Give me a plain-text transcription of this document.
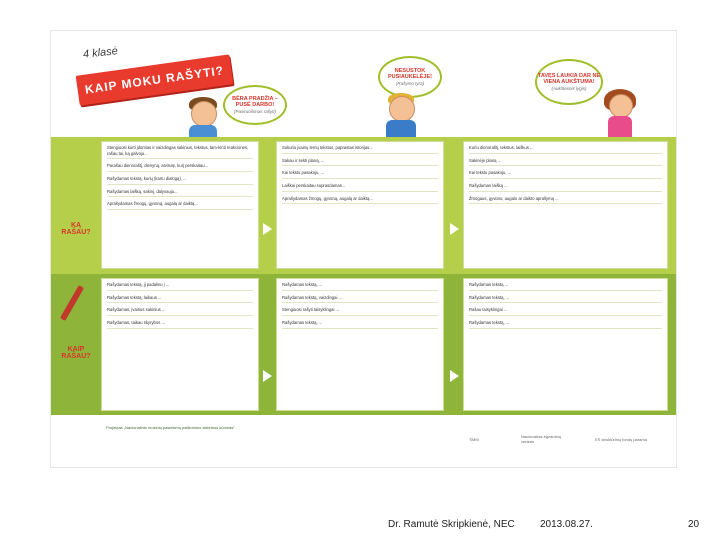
4 klasė
KAIP MOKU RAŠYTI?
BĖRA PRADŽIA – PUSĖ DARBO!
(Pasiruošimas rašyti)
NESUSTOK PUSIAUKELĖJE!
(Rašymo tyra)
TAVĘS LAUKIA DAR NE VIENA AUKŠTUMA!
(Aukštesnis lygis)
KĄ RAŠAU?

Stengiuosi kurti įdomias ir vaizdingas sakinius, tekstus, tam-kinti reakciones, rašau tai, ką galvoju...

Parašau dienoraštį, dienyną, atvirutę, kurį perskaitau...

Rašydamas tekstą, kurių (kartu dialogą), ...

Rašydamas laišką, sakinį, dalyvauju...

Aprašydamas žmogų, gyvūną, augalą ar daiktą...

Sukuriu įvairių temų tekstus, paprastas istorijas...

Sakau ir sekti planą, ...

Kai tekstu pasakoju, ...

Laiškai perskaitau suprasdamas...

Aprašydamas žmogų, gyvūną, augalą ar daiktą...

Kuriu dienoraštį, tekstus, laiškus ...

Sakinėje planą ...

Kai tekstu pasakoju, ...

Rašydamas laišką ...

Žmogaus, gyvūno, augalo ar daikto aprašymą ...

KAIP RAŠAU?

Rašydamas tekstą, jį padalinu į ...

Rašydamas tekstą, laikaus ...

Rašydamas, įvairius sakinius ...

Rašydamas, taikau skyrybos ...

Rašydamas tekstą, ...

Rašydamas tekstą, vaizdingai ...

Stengiuosi rašyti taisyklingai ...

Rašydamas tekstą, ...

Rašydamas tekstą ...

Rašydamas tekstą, ...

Rašau taisyklingai ...

Rašydamas tekstą, ...

Projektas „Nacionalinio mokinių pasiekimų patikrinimo sistemos kūrimas“
ŠMM	Nacionalinis egzaminų centras	ES struktūrinių fondų parama
Dr. Ramutė Skripkienė, NEC	2013.08.27.	20
